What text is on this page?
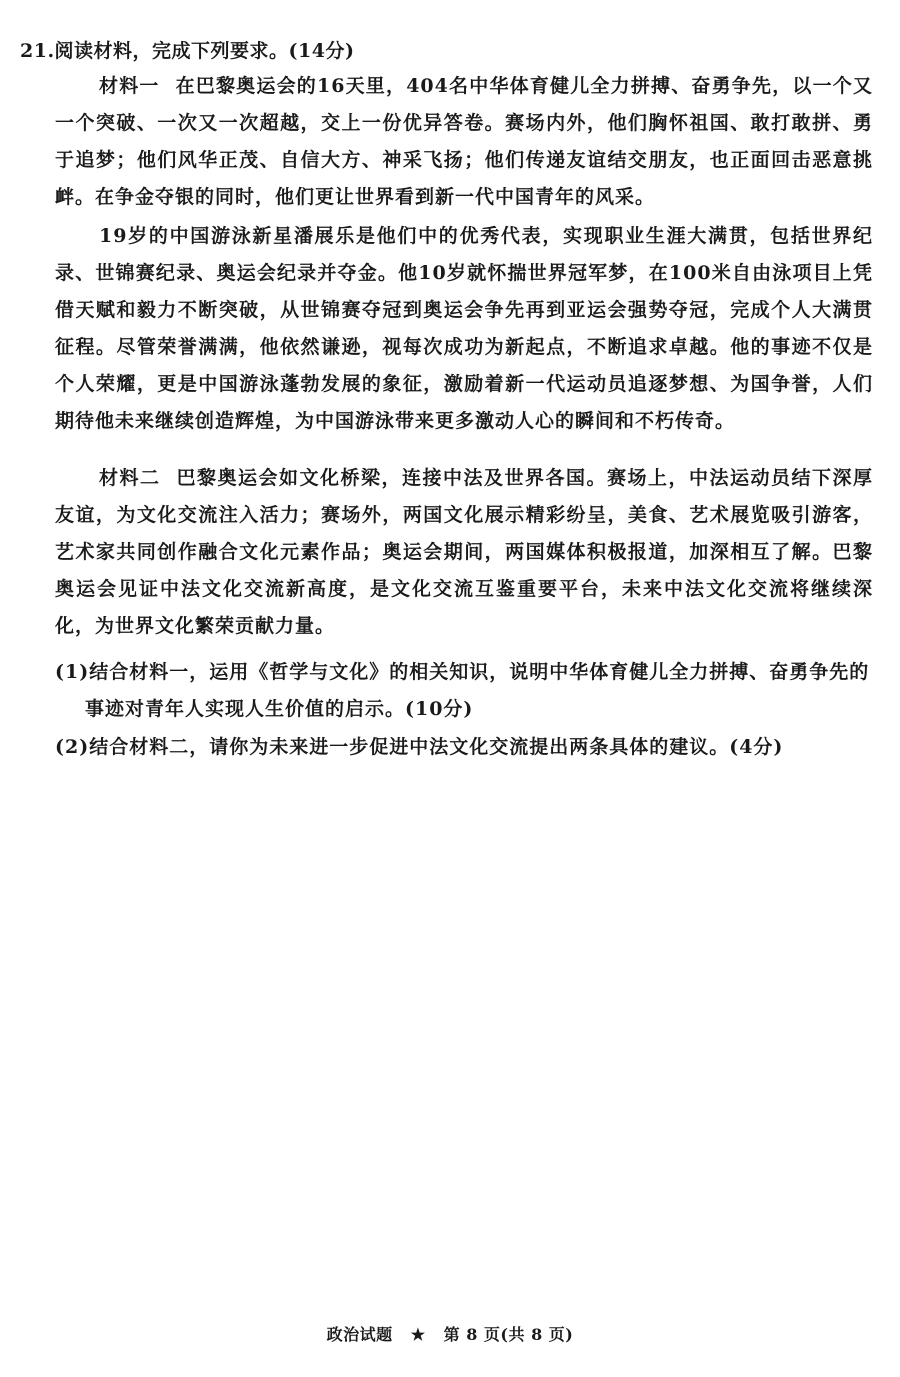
21.阅读材料，完成下列要求。(14分)
材料一 在巴黎奥运会的16天里，404名中华体育健儿全力拼搏、奋勇争先，以一个又一个突破、一次又一次超越，交上一份优异答卷。赛场内外，他们胸怀祖国、敢打敢拼、勇于追梦；他们风华正茂、自信大方、神采飞扬；他们传递友谊结交朋友，也正面回击恶意挑衅。在争金夺银的同时，他们更让世界看到新一代中国青年的风采。
19岁的中国游泳新星潘展乐是他们中的优秀代表，实现职业生涯大满贯，包括世界纪录、世锦赛纪录、奥运会纪录并夺金。他10岁就怀揣世界冠军梦，在100米自由泳项目上凭借天赋和毅力不断突破，从世锦赛夺冠到奥运会争先再到亚运会强势夺冠，完成个人大满贯征程。尽管荣誉满满，他依然谦逊，视每次成功为新起点，不断追求卓越。他的事迹不仅是个人荣耀，更是中国游泳蓬勃发展的象征，激励着新一代运动员追逐梦想、为国争誉，人们期待他未来继续创造辉煌，为中国游泳带来更多激动人心的瞬间和不朽传奇。
材料二 巴黎奥运会如文化桥梁，连接中法及世界各国。赛场上，中法运动员结下深厚友谊，为文化交流注入活力；赛场外，两国文化展示精彩纷呈，美食、艺术展览吸引游客，艺术家共同创作融合文化元素作品；奥运会期间，两国媒体积极报道，加深相互了解。巴黎奥运会见证中法文化交流新高度，是文化交流互鉴重要平台，未来中法文化交流将继续深化，为世界文化繁荣贡献力量。
(1)结合材料一，运用《哲学与文化》的相关知识，说明中华体育健儿全力拼搏、奋勇争先的
事迹对青年人实现人生价值的启示。(10分)
(2)结合材料二，请你为未来进一步促进中法文化交流提出两条具体的建议。(4分)
政治试题 ★ 第 8 页(共 8 页)
